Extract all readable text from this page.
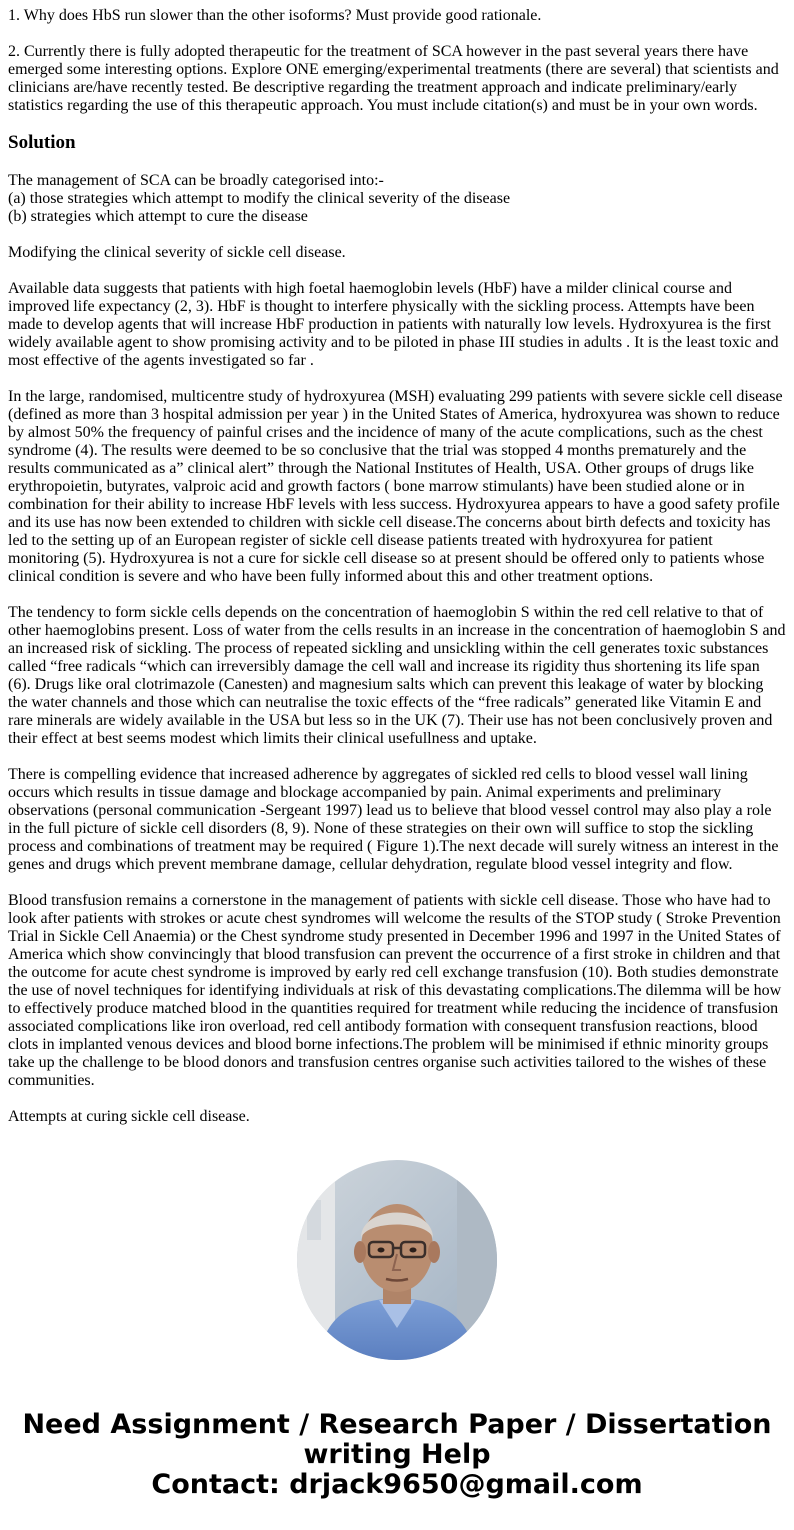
1. Why does HbS run slower than the other isoforms? Must provide good rationale.

2. Currently there is fully adopted therapeutic for the treatment of SCA however in the past several years there have emerged some interesting options. Explore ONE emerging/experimental treatments (there are several) that scientists and clinicians are/have recently tested. Be descriptive regarding the treatment approach and indicate preliminary/early statistics regarding the use of this therapeutic approach. You must include citation(s) and must be in your own words.

Solution

The management of SCA can be broadly categorised into:-
(a) those strategies which attempt to modify the clinical severity of the disease
(b) strategies which attempt to cure the disease

Modifying the clinical severity of sickle cell disease.

Available data suggests that patients with high foetal haemoglobin levels (HbF) have a milder clinical course and improved life expectancy (2, 3). HbF is thought to interfere physically with the sickling process. Attempts have been made to develop agents that will increase HbF production in patients with naturally low levels. Hydroxyurea is the first widely available agent to show promising activity and to be piloted in phase III studies in adults . It is the least toxic and most effective of the agents investigated so far .

In the large, randomised, multicentre study of hydroxyurea (MSH) evaluating 299 patients with severe sickle cell disease (defined as more than 3 hospital admission per year ) in the United States of America, hydroxyurea was shown to reduce by almost 50% the frequency of painful crises and the incidence of many of the acute complications, such as the chest syndrome (4). The results were deemed to be so conclusive that the trial was stopped 4 months prematurely and the results communicated as a” clinical alert” through the National Institutes of Health, USA. Other groups of drugs like erythropoietin, butyrates, valproic acid and growth factors ( bone marrow stimulants) have been studied alone or in combination for their ability to increase HbF levels with less success. Hydroxyurea appears to have a good safety profile and its use has now been extended to children with sickle cell disease.The concerns about birth defects and toxicity has led to the setting up of an European register of sickle cell disease patients treated with hydroxyurea for patient monitoring (5). Hydroxyurea is not a cure for sickle cell disease so at present should be offered only to patients whose clinical condition is severe and who have been fully informed about this and other treatment options.

The tendency to form sickle cells depends on the concentration of haemoglobin S within the red cell relative to that of other haemoglobins present. Loss of water from the cells results in an increase in the concentration of haemoglobin S and an increased risk of sickling. The process of repeated sickling and unsickling within the cell generates toxic substances called “free radicals “which can irreversibly damage the cell wall and increase its rigidity thus shortening its life span (6). Drugs like oral clotrimazole (Canesten) and magnesium salts which can prevent this leakage of water by blocking the water channels and those which can neutralise the toxic effects of the “free radicals” generated like Vitamin E and rare minerals are widely available in the USA but less so in the UK (7). Their use has not been conclusively proven and their effect at best seems modest which limits their clinical usefullness and uptake.

There is compelling evidence that increased adherence by aggregates of sickled red cells to blood vessel wall lining occurs which results in tissue damage and blockage accompanied by pain. Animal experiments and preliminary observations (personal communication -Sergeant 1997) lead us to believe that blood vessel control may also play a role in the full picture of sickle cell disorders (8, 9). None of these strategies on their own will suffice to stop the sickling process and combinations of treatment may be required ( Figure 1).The next decade will surely witness an interest in the genes and drugs which prevent membrane damage, cellular dehydration, regulate blood vessel integrity and flow.

Blood transfusion remains a cornerstone in the management of patients with sickle cell disease. Those who have had to look after patients with strokes or acute chest syndromes will welcome the results of the STOP study ( Stroke Prevention Trial in Sickle Cell Anaemia) or the Chest syndrome study presented in December 1996 and 1997 in the United States of America which show convincingly that blood transfusion can prevent the occurrence of a first stroke in children and that the outcome for acute chest syndrome is improved by early red cell exchange transfusion (10). Both studies demonstrate the use of novel techniques for identifying individuals at risk of this devastating complications.The dilemma will be how to effectively produce matched blood in the quantities required for treatment while reducing the incidence of transfusion associated complications like iron overload, red cell antibody formation with consequent transfusion reactions, blood clots in implanted venous devices and blood borne infections.The problem will be minimised if ethnic minority groups take up the challenge to be blood donors and transfusion centres organise such activities tailored to the wishes of these communities.

Attempts at curing sickle cell disease.

Need Assignment / Research Paper / Dissertation
writing Help
Contact: drjack9650@gmail.com
